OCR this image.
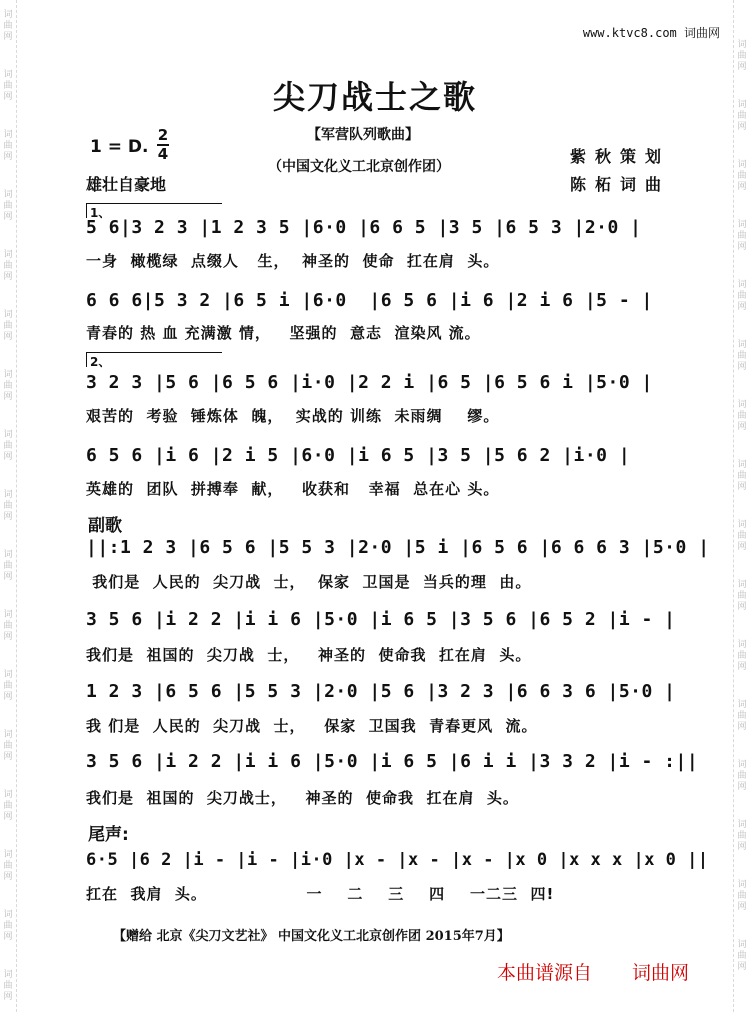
词
曲
网
词
曲
网
词
曲
网
词
曲
网
词
曲
网
词
曲
网
词
曲
网
词
曲
网
词
曲
网
词
曲
网
词
曲
网
词
曲
网
词
曲
网
词
曲
网
词
曲
网
词
曲
网
词
曲
网
词
曲
网
词
曲
网
词
曲
网
词
曲
网
词
曲
网
词
曲
网
词
曲
网
词
曲
网
词
曲
网
词
曲
网
词
曲
网
词
曲
网
词
曲
网
词
曲
网
词
曲
网
词
曲
网
www.ktvc8.com 词曲网
尖刀战士之歌
【军营队列歌曲】
（中国文化义工北京创作团）
1 = D.
2
4
雄壮自豪地
紫秋策划
陈柘词曲
1、
5 6|3 2 3 |1 2 3 5 |6·0 |6 6 5 |3 5 |6 5 3 |2·0 |
一身  橄榄绿  点缀人   生，  神圣的  使命  扛在肩  头。
6 6 6|5 3 2 |6 5 i |6·0  |6 5 6 |i 6 |2 i 6 |5 - |
青春的 热 血 充满激 情，   坚强的  意志  渲染风 流。
2、
3 2 3 |5 6 |6 5 6 |i·0 |2 2 i |6 5 |6 5 6 i |5·0 |
艰苦的  考验  锤炼体  魄，  实战的 训练  未雨绸    缪。
6 5 6 |i 6 |2 i 5 |6·0 |i 6 5 |3 5 |5 6 2 |i·0 |
英雄的  团队  拼搏奉  献，   收获和   幸福  总在心 头。
副歌
||:1 2 3 |6 5 6 |5 5 3 |2·0 |5 i |6 5 6 |6 6 6 3 |5·0 |
我们是  人民的  尖刀战  士，  保家  卫国是  当兵的理  由。
3 5 6 |i 2 2 |i i 6 |5·0 |i 6 5 |3 5 6 |6 5 2 |i - |
我们是  祖国的  尖刀战  士，   神圣的  使命我  扛在肩  头。
1 2 3 |6 5 6 |5 5 3 |2·0 |5 6 |3 2 3 |6 6 3 6 |5·0 |
我 们是  人民的  尖刀战  士，   保家  卫国我  青春更风  流。
3 5 6 |i 2 2 |i i 6 |5·0 |i 6 5 |6 i i |3 3 2 |i - :||
我们是  祖国的  尖刀战士，   神圣的  使命我  扛在肩  头。
尾声:
6·5 |6 2 |i - |i - |i·0 |x - |x - |x - |x 0 |x x x |x 0 ||
扛在  我肩  头。                一    二    三    四    一二三  四!
【赠给 北京《尖刀文艺社》 中国文化义工北京创作团 2015年7月】
本曲谱源自 词曲网
